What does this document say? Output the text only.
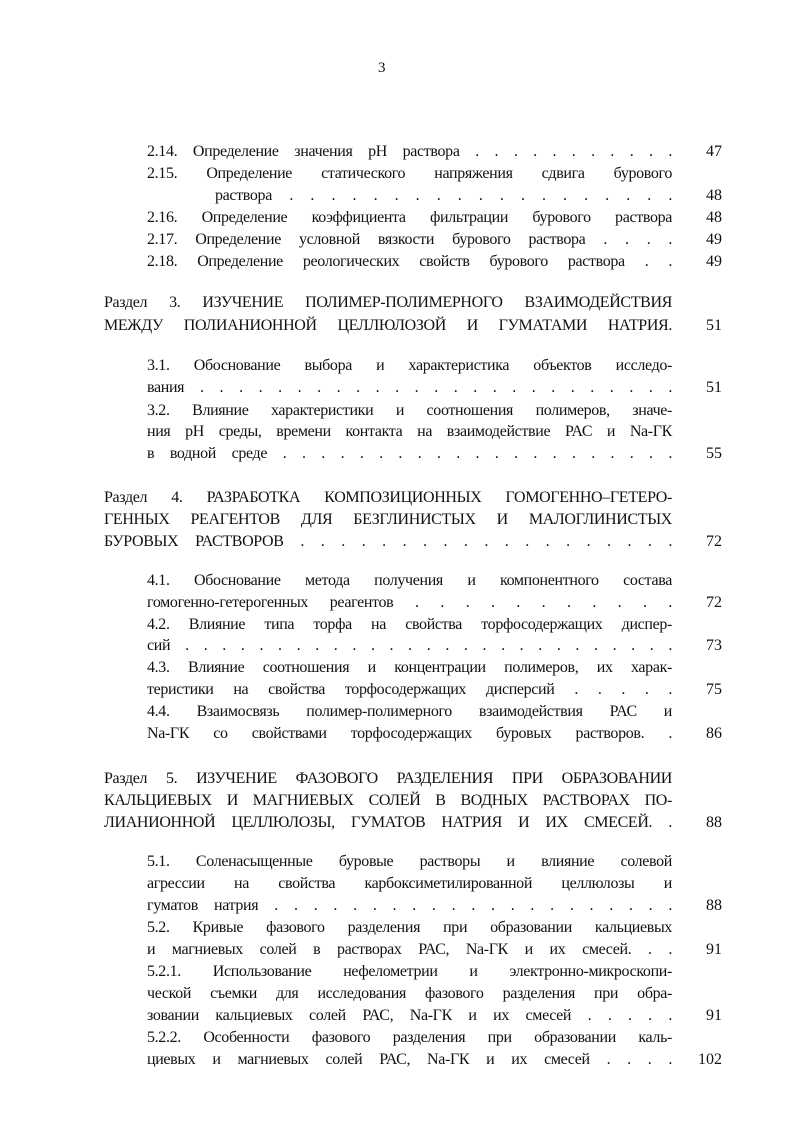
3
2.14. Определение значения pH раствора . . . . . . . . . . .	47
2.15. Определение статического напряжения сдвига бурового
раствора . . . . . . . . . . . . . . . . . . .	48
2.16. Определение коэффициента фильтрации бурового раствора	48
2.17. Определение условной вязкости бурового раствора . . . .	49
2.18. Определение реологических свойств бурового раствора . .	49
Раздел 3. ИЗУЧЕНИЕ ПОЛИМЕР-ПОЛИМЕРНОГО ВЗАИМОДЕЙСТВИЯ
МЕЖДУ ПОЛИАНИОННОЙ ЦЕЛЛЮЛОЗОЙ И ГУМАТАМИ НАТРИЯ.	51
3.1. Обоснование выбора и характеристика объектов исследо-
вания . . . . . . . . . . . . . . . . . . . . . . . . .	51
3.2. Влияние характеристики и соотношения полимеров, значе-
ния pH среды, времени контакта на взаимодействие РАС и Na-ГК
в водной среде . . . . . . . . . . . . . . . . . . . . .	55
Раздел 4. РАЗРАБОТКА КОМПОЗИЦИОННЫХ ГОМОГЕННО–ГЕТЕРО-
ГЕННЫХ РЕАГЕНТОВ ДЛЯ БЕЗГЛИНИСТЫХ И МАЛОГЛИНИСТЫХ
БУРОВЫХ РАСТВОРОВ . . . . . . . . . . . . . . . . . . .	72
4.1. Обоснование метода получения и компонентного состава
гомогенно-гетерогенных реагентов . . . . . . . . . . .	72
4.2. Влияние типа торфа на свойства торфосодержащих диспер-
сий . . . . . . . . . . . . . . . . . . . . . . . . . . .	73
4.3. Влияние соотношения и концентрации полимеров, их харак-
теристики на свойства торфосодержащих дисперсий . . . . .	75
4.4. Взаимосвязь полимер-полимерного взаимодействия РАС и
Na-ГК со свойствами торфосодержащих буровых растворов. .	86
Раздел 5. ИЗУЧЕНИЕ ФАЗОВОГО РАЗДЕЛЕНИЯ ПРИ ОБРАЗОВАНИИ
КАЛЬЦИЕВЫХ И МАГНИЕВЫХ СОЛЕЙ В ВОДНЫХ РАСТВОРАХ ПО-
ЛИАНИОННОЙ ЦЕЛЛЮЛОЗЫ, ГУМАТОВ НАТРИЯ И ИХ СМЕСЕЙ. .	88
5.1. Соленасыщенные буровые растворы и влияние солевой
агрессии на свойства карбоксиметилированной целлюлозы и
гуматов натрия . . . . . . . . . . . . . . . . . . . . .	88
5.2. Кривые фазового разделения при образовании кальциевых
и магниевых солей в растворах РАС, Na-ГК и их смесей. . .	91
5.2.1. Использование нефелометрии и электронно-микроскопи-
ческой съемки для исследования фазового разделения при обра-
зовании кальциевых солей РАС, Na-ГК и их смесей . . . . .	91
5.2.2. Особенности фазового разделения при образовании каль-
циевых и магниевых солей РАС, Na-ГК и их смесей . . . .	102
